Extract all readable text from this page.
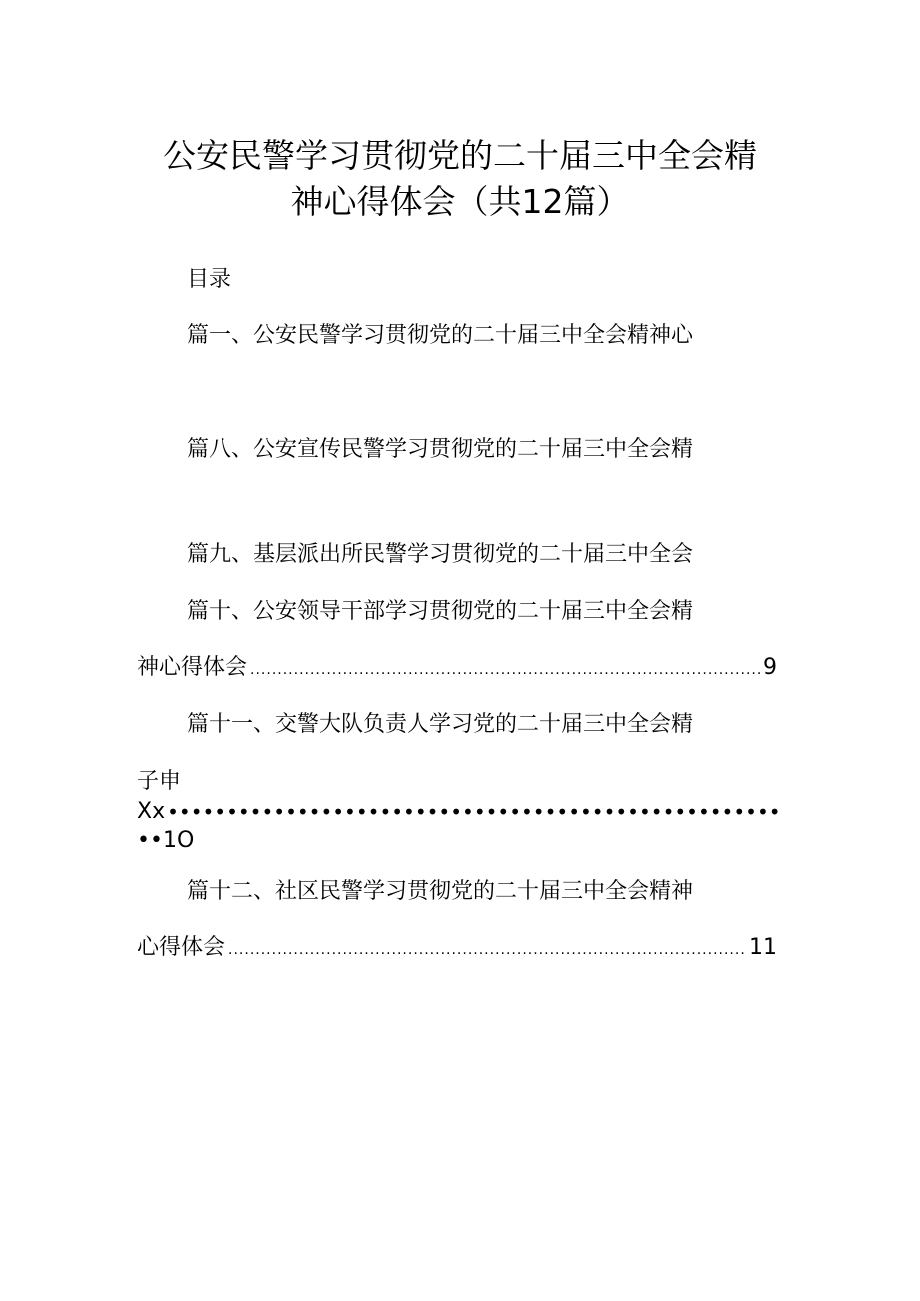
公安民警学习贯彻党的二十届三中全会精
神心得体会（共12篇）
目录
篇一、公安民警学习贯彻党的二十届三中全会精神心
篇八、公安宣传民警学习贯彻党的二十届三中全会精
篇九、基层派出所民警学习贯彻党的二十届三中全会
篇十、公安领导干部学习贯彻党的二十届三中全会精
神心得体会 .....	9
篇十一、交警大队负责人学习党的二十届三中全会精
子申
Xx
•••••
••1O
篇十二、社区民警学习贯彻党的二十届三中全会精神
心得体会 .....	11
